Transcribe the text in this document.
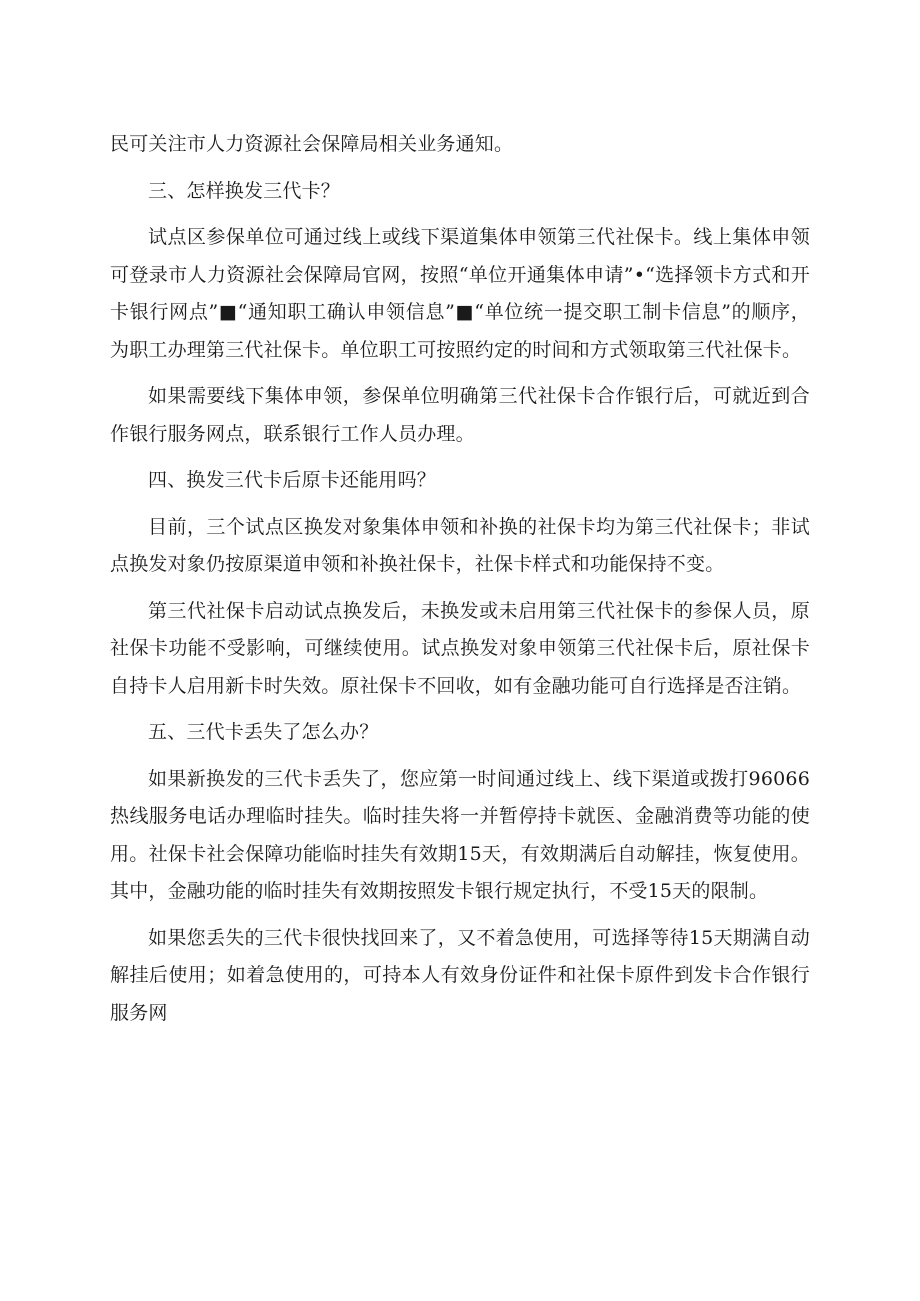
民可关注市人力资源社会保障局相关业务通知。

三、怎样换发三代卡？

试点区参保单位可通过线上或线下渠道集体申领第三代社保卡。线上集体申领可登录市人力资源社会保障局官网，按照“单位开通集体申请”•“选择领卡方式和开卡银行网点”■“通知职工确认申领信息”■“单位统一提交职工制卡信息”的顺序，为职工办理第三代社保卡。单位职工可按照约定的时间和方式领取第三代社保卡。

如果需要线下集体申领，参保单位明确第三代社保卡合作银行后，可就近到合作银行服务网点，联系银行工作人员办理。

四、换发三代卡后原卡还能用吗？

目前，三个试点区换发对象集体申领和补换的社保卡均为第三代社保卡；非试点换发对象仍按原渠道申领和补换社保卡，社保卡样式和功能保持不变。

第三代社保卡启动试点换发后，未换发或未启用第三代社保卡的参保人员，原社保卡功能不受影响，可继续使用。试点换发对象申领第三代社保卡后，原社保卡自持卡人启用新卡时失效。原社保卡不回收，如有金融功能可自行选择是否注销。

五、三代卡丢失了怎么办？

如果新换发的三代卡丢失了，您应第一时间通过线上、线下渠道或拨打96066热线服务电话办理临时挂失。临时挂失将一并暂停持卡就医、金融消费等功能的使用。社保卡社会保障功能临时挂失有效期15天，有效期满后自动解挂，恢复使用。其中，金融功能的临时挂失有效期按照发卡银行规定执行，不受15天的限制。

如果您丢失的三代卡很快找回来了，又不着急使用，可选择等待15天期满自动解挂后使用；如着急使用的，可持本人有效身份证件和社保卡原件到发卡合作银行服务网
